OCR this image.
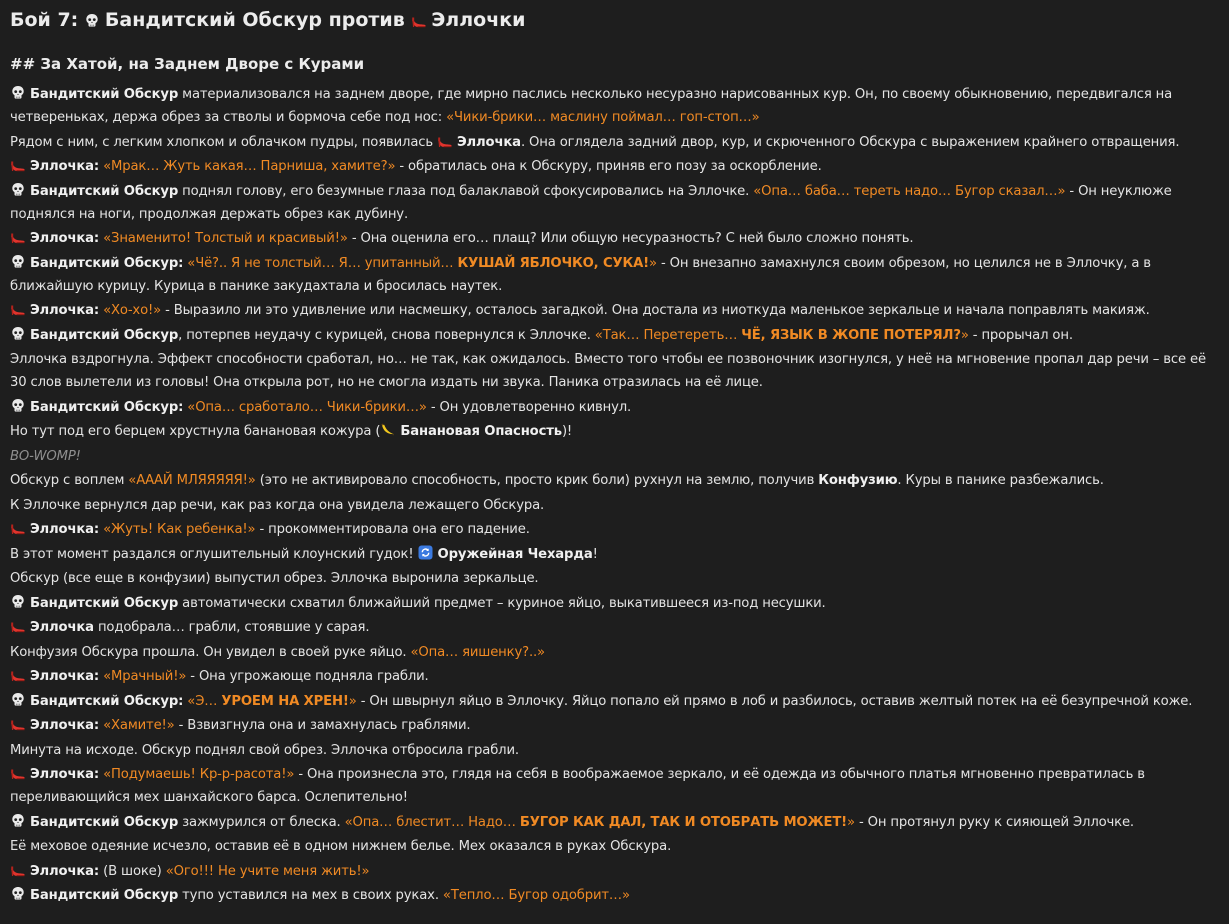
Бой 7: Бандитский Обскур против Эллочки
## За Хатой, на Заднем Дворе с Курами
Бандитский Обскур материализовался на заднем дворе, где мирно паслись несколько несуразно нарисованных кур. Он, по своему обыкновению, передвигался на четвереньках, держа обрез за стволы и бормоча себе под нос: «Чики-брики… маслину поймал… гоп-стоп…»
Рядом с ним, с легким хлопком и облачком пудры, появилась Эллочка. Она оглядела задний двор, кур, и скрюченного Обскура с выражением крайнего отвращения.
Эллочка: «Мрак… Жуть какая… Парниша, хамите?» - обратилась она к Обскуру, приняв его позу за оскорбление.
Бандитский Обскур поднял голову, его безумные глаза под балаклавой сфокусировались на Эллочке. «Опа… баба… тереть надо… Бугор сказал…» - Он неуклюже поднялся на ноги, продолжая держать обрез как дубину.
Эллочка: «Знаменито! Толстый и красивый!» - Она оценила его… плащ? Или общую несуразность? С ней было сложно понять.
Бандитский Обскур: «Чё?.. Я не толстый… Я… упитанный… КУШАЙ ЯБЛОЧКО, СУКА!» - Он внезапно замахнулся своим обрезом, но целился не в Эллочку, а в ближайшую курицу. Курица в панике закудахтала и бросилась наутек.
Эллочка: «Хо-хо!» - Выразило ли это удивление или насмешку, осталось загадкой. Она достала из ниоткуда маленькое зеркальце и начала поправлять макияж.
Бандитский Обскур, потерпев неудачу с курицей, снова повернулся к Эллочке. «Так… Перетереть… ЧЁ, ЯЗЫК В ЖОПЕ ПОТЕРЯЛ?» - прорычал он.
Эллочка вздрогнула. Эффект способности сработал, но… не так, как ожидалось. Вместо того чтобы ее позвоночник изогнулся, у неё на мгновение пропал дар речи – все её 30 слов вылетели из головы! Она открыла рот, но не смогла издать ни звука. Паника отразилась на её лице.
Бандитский Обскур: «Опа… сработало… Чики-брики…» - Он удовлетворенно кивнул.
Но тут под его берцем хрустнула банановая кожура ( Банановая Опасность)!
BO-WOMP!
Обскур с воплем «АААЙ МЛЯЯЯЯЯ!» (это не активировало способность, просто крик боли) рухнул на землю, получив Конфузию. Куры в панике разбежались.
К Эллочке вернулся дар речи, как раз когда она увидела лежащего Обскура.
Эллочка: «Жуть! Как ребенка!» - прокомментировала она его падение.
В этот момент раздался оглушительный клоунский гудок! Оружейная Чехарда!
Обскур (все еще в конфузии) выпустил обрез. Эллочка выронила зеркальце.
Бандитский Обскур автоматически схватил ближайший предмет – куриное яйцо, выкатившееся из-под несушки.
Эллочка подобрала… грабли, стоявшие у сарая.
Конфузия Обскура прошла. Он увидел в своей руке яйцо. «Опа… яишенку?..»
Эллочка: «Мрачный!» - Она угрожающе подняла грабли.
Бандитский Обскур: «Э… УРОЕМ НА ХРЕН!» - Он швырнул яйцо в Эллочку. Яйцо попало ей прямо в лоб и разбилось, оставив желтый потек на её безупречной коже.
Эллочка: «Хамите!» - Взвизгнула она и замахнулась граблями.
Минута на исходе. Обскур поднял свой обрез. Эллочка отбросила грабли.
Эллочка: «Подумаешь! Кр-р-расота!» - Она произнесла это, глядя на себя в воображаемое зеркало, и её одежда из обычного платья мгновенно превратилась в переливающийся мех шанхайского барса. Ослепительно!
Бандитский Обскур зажмурился от блеска. «Опа… блестит… Надо… БУГОР КАК ДАЛ, ТАК И ОТОБРАТЬ МОЖЕТ!» - Он протянул руку к сияющей Эллочке.
Её меховое одеяние исчезло, оставив её в одном нижнем белье. Мех оказался в руках Обскура.
Эллочка: (В шоке) «Ого!!! Не учите меня жить!»
Бандитский Обскур тупо уставился на мех в своих руках. «Тепло… Бугор одобрит…»
